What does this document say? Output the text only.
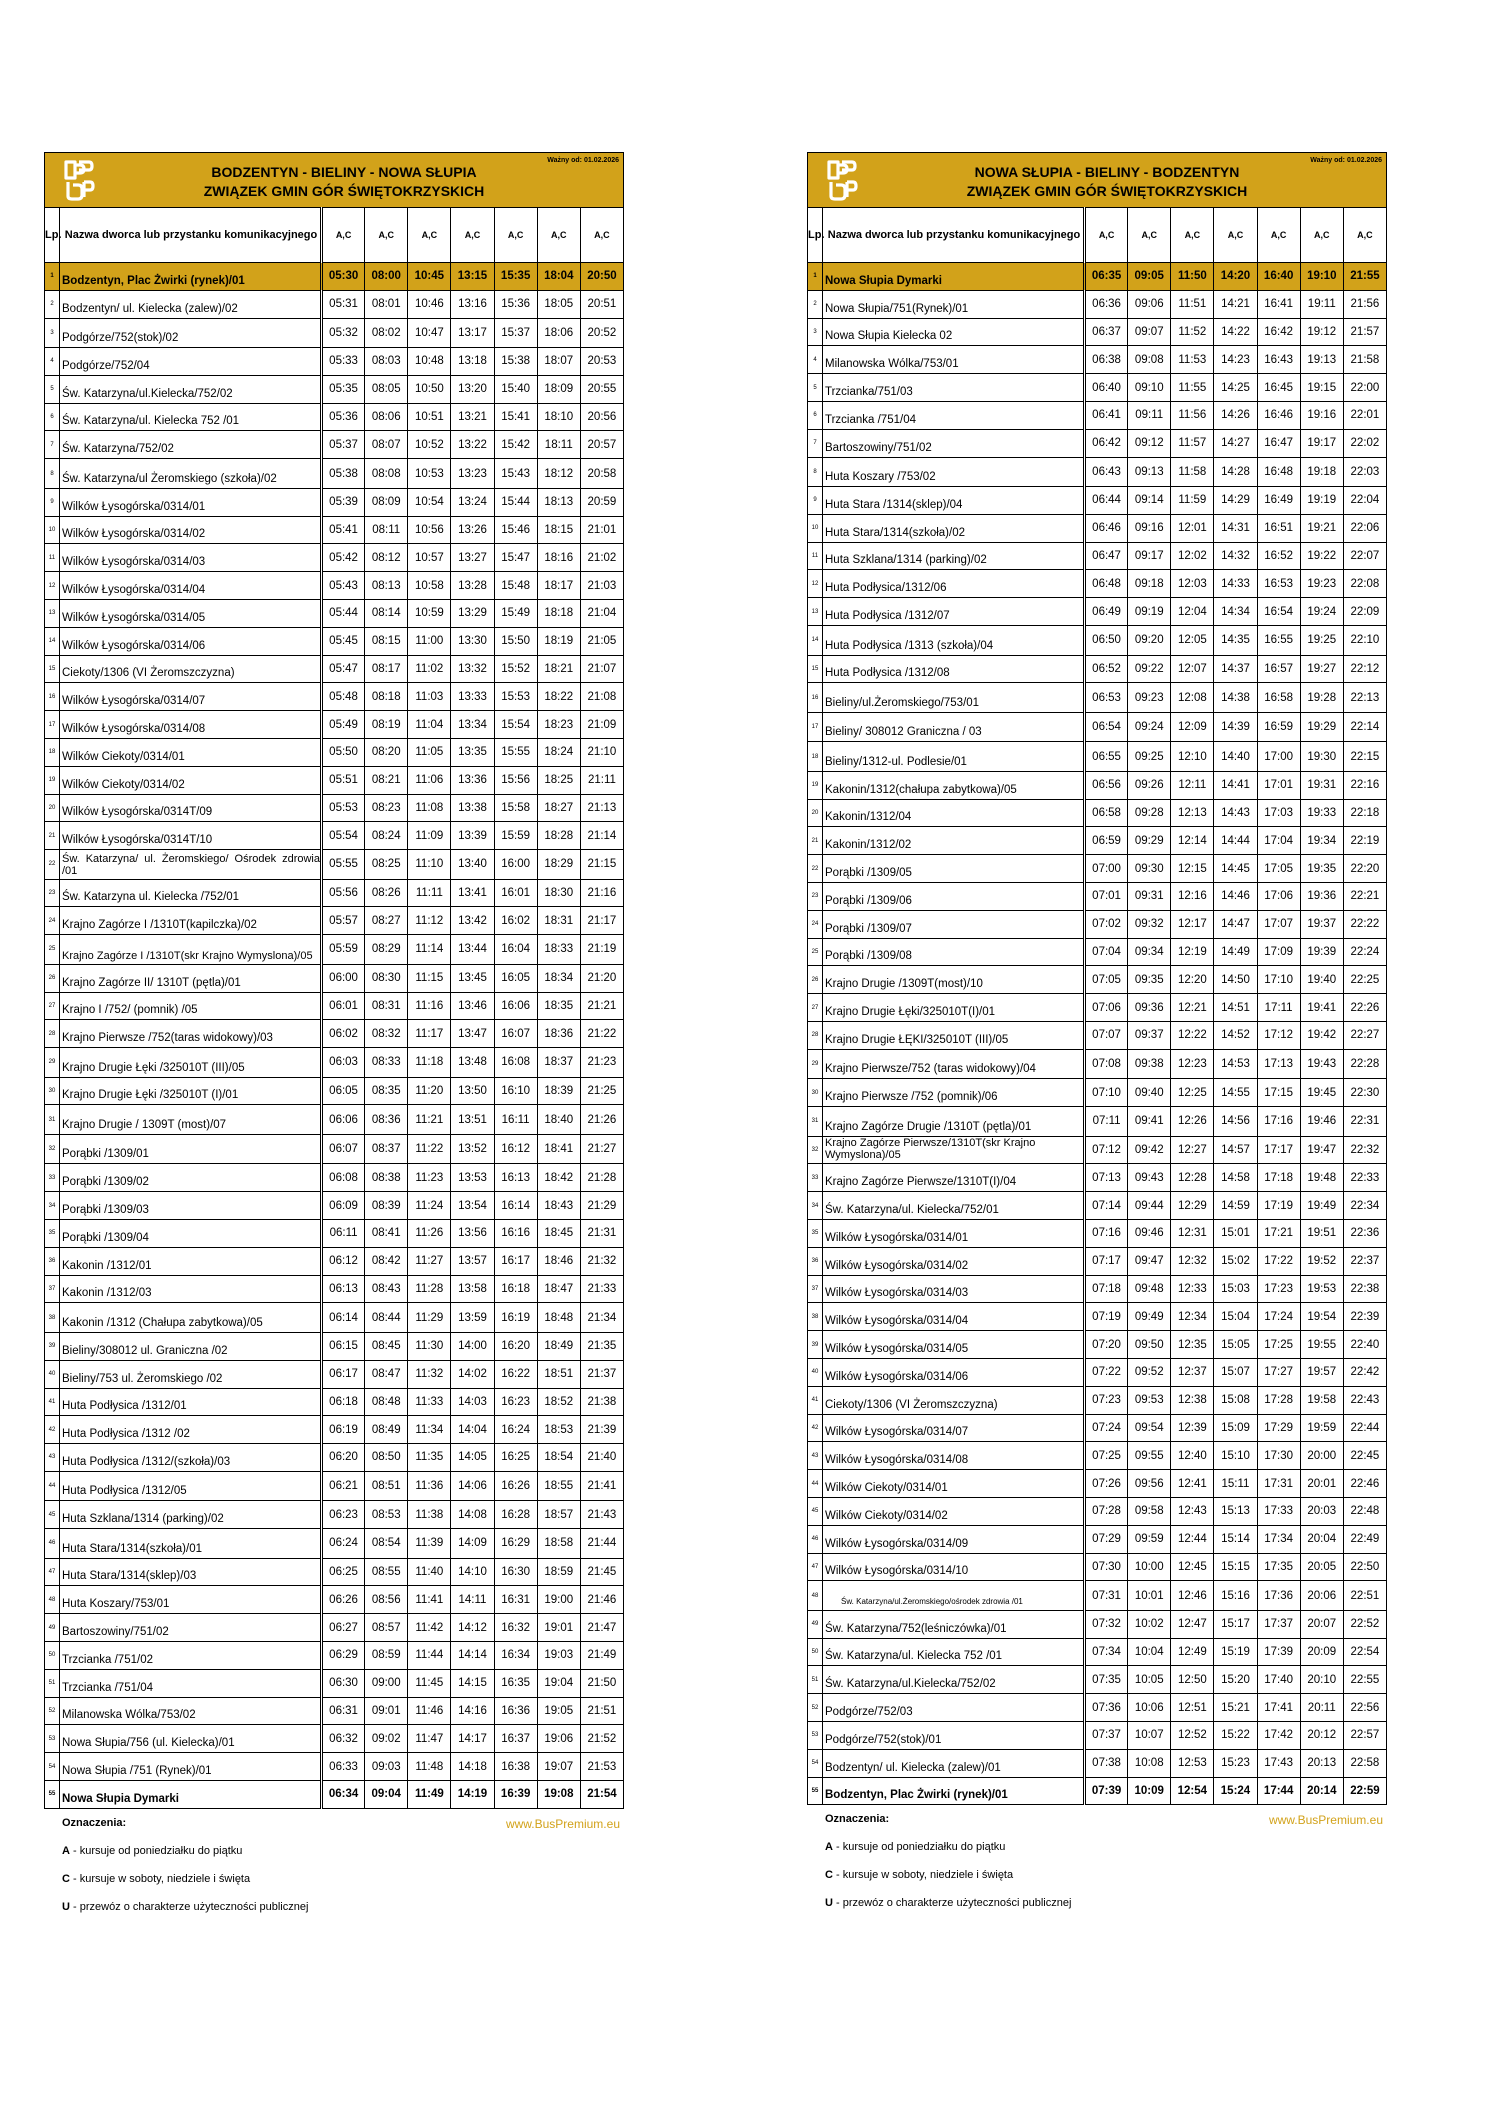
BODZENTYN - BIELINY - NOWA SŁUPIA
ZWIĄZEK GMIN GÓR ŚWIĘTOKRZYSKICH
Ważny od: 01.02.2026
Lp.	Nazwa dworca lub przystanku komunikacyjnego	A,C	A,C	A,C	A,C	A,C	A,C	A,C
1	Bodzentyn, Plac Żwirki (rynek)/01	05:30	08:00	10:45	13:15	15:35	18:04	20:50
2	Bodzentyn/ ul. Kielecka (zalew)/02	05:31	08:01	10:46	13:16	15:36	18:05	20:51
3	Podgórze/752(stok)/02	05:32	08:02	10:47	13:17	15:37	18:06	20:52
4	Podgórze/752/04	05:33	08:03	10:48	13:18	15:38	18:07	20:53
5	Św. Katarzyna/ul.Kielecka/752/02	05:35	08:05	10:50	13:20	15:40	18:09	20:55
6	Św. Katarzyna/ul. Kielecka 752 /01	05:36	08:06	10:51	13:21	15:41	18:10	20:56
7	Św. Katarzyna/752/02	05:37	08:07	10:52	13:22	15:42	18:11	20:57
8	Św. Katarzyna/ul Żeromskiego (szkoła)/02	05:38	08:08	10:53	13:23	15:43	18:12	20:58
9	Wilków Łysogórska/0314/01	05:39	08:09	10:54	13:24	15:44	18:13	20:59
10	Wilków Łysogórska/0314/02	05:41	08:11	10:56	13:26	15:46	18:15	21:01
11	Wilków Łysogórska/0314/03	05:42	08:12	10:57	13:27	15:47	18:16	21:02
12	Wilków Łysogórska/0314/04	05:43	08:13	10:58	13:28	15:48	18:17	21:03
13	Wilków Łysogórska/0314/05	05:44	08:14	10:59	13:29	15:49	18:18	21:04
14	Wilków Łysogórska/0314/06	05:45	08:15	11:00	13:30	15:50	18:19	21:05
15	Ciekoty/1306 (VI Żeromszczyzna)	05:47	08:17	11:02	13:32	15:52	18:21	21:07
16	Wilków Łysogórska/0314/07	05:48	08:18	11:03	13:33	15:53	18:22	21:08
17	Wilków Łysogórska/0314/08	05:49	08:19	11:04	13:34	15:54	18:23	21:09
18	Wilków Ciekoty/0314/01	05:50	08:20	11:05	13:35	15:55	18:24	21:10
19	Wilków Ciekoty/0314/02	05:51	08:21	11:06	13:36	15:56	18:25	21:11
20	Wilków Łysogórska/0314T/09	05:53	08:23	11:08	13:38	15:58	18:27	21:13
21	Wilków Łysogórska/0314T/10	05:54	08:24	11:09	13:39	15:59	18:28	21:14
22	Św. Katarzyna/ ul. Żeromskiego/ Ośrodek zdrowia /01	05:55	08:25	11:10	13:40	16:00	18:29	21:15
23	Św. Katarzyna ul. Kielecka /752/01	05:56	08:26	11:11	13:41	16:01	18:30	21:16
24	Krajno Zagórze I /1310T(kapilczka)/02	05:57	08:27	11:12	13:42	16:02	18:31	21:17
25	Krajno Zagórze I /1310T(skr Krajno Wymyslona)/05	05:59	08:29	11:14	13:44	16:04	18:33	21:19
26	Krajno Zagórze II/ 1310T (pętla)/01	06:00	08:30	11:15	13:45	16:05	18:34	21:20
27	Krajno I /752/ (pomnik) /05	06:01	08:31	11:16	13:46	16:06	18:35	21:21
28	Krajno Pierwsze /752(taras widokowy)/03	06:02	08:32	11:17	13:47	16:07	18:36	21:22
29	Krajno Drugie Łęki /325010T (III)/05	06:03	08:33	11:18	13:48	16:08	18:37	21:23
30	Krajno Drugie Łęki /325010T (I)/01	06:05	08:35	11:20	13:50	16:10	18:39	21:25
31	Krajno Drugie / 1309T (most)/07	06:06	08:36	11:21	13:51	16:11	18:40	21:26
32	Porąbki /1309/01	06:07	08:37	11:22	13:52	16:12	18:41	21:27
33	Porąbki /1309/02	06:08	08:38	11:23	13:53	16:13	18:42	21:28
34	Porąbki /1309/03	06:09	08:39	11:24	13:54	16:14	18:43	21:29
35	Porąbki /1309/04	06:11	08:41	11:26	13:56	16:16	18:45	21:31
36	Kakonin /1312/01	06:12	08:42	11:27	13:57	16:17	18:46	21:32
37	Kakonin /1312/03	06:13	08:43	11:28	13:58	16:18	18:47	21:33
38	Kakonin /1312 (Chałupa zabytkowa)/05	06:14	08:44	11:29	13:59	16:19	18:48	21:34
39	Bieliny/308012 ul. Graniczna /02	06:15	08:45	11:30	14:00	16:20	18:49	21:35
40	Bieliny/753 ul. Żeromskiego /02	06:17	08:47	11:32	14:02	16:22	18:51	21:37
41	Huta Podłysica /1312/01	06:18	08:48	11:33	14:03	16:23	18:52	21:38
42	Huta Podłysica /1312 /02	06:19	08:49	11:34	14:04	16:24	18:53	21:39
43	Huta Podłysica /1312/(szkoła)/03	06:20	08:50	11:35	14:05	16:25	18:54	21:40
44	Huta Podłysica /1312/05	06:21	08:51	11:36	14:06	16:26	18:55	21:41
45	Huta Szklana/1314 (parking)/02	06:23	08:53	11:38	14:08	16:28	18:57	21:43
46	Huta Stara/1314(szkoła)/01	06:24	08:54	11:39	14:09	16:29	18:58	21:44
47	Huta Stara/1314(sklep)/03	06:25	08:55	11:40	14:10	16:30	18:59	21:45
48	Huta Koszary/753/01	06:26	08:56	11:41	14:11	16:31	19:00	21:46
49	Bartoszowiny/751/02	06:27	08:57	11:42	14:12	16:32	19:01	21:47
50	Trzcianka /751/02	06:29	08:59	11:44	14:14	16:34	19:03	21:49
51	Trzcianka /751/04	06:30	09:00	11:45	14:15	16:35	19:04	21:50
52	Milanowska Wólka/753/02	06:31	09:01	11:46	14:16	16:36	19:05	21:51
53	Nowa Słupia/756 (ul. Kielecka)/01	06:32	09:02	11:47	14:17	16:37	19:06	21:52
54	Nowa Słupia /751 (Rynek)/01	06:33	09:03	11:48	14:18	16:38	19:07	21:53
55	Nowa Słupia Dymarki	06:34	09:04	11:49	14:19	16:39	19:08	21:54
Oznaczenia:	www.BusPremium.eu
A - kursuje od poniedziałku do piątku
C - kursuje w soboty, niedziele i święta
U - przewóz o charakterze użyteczności publicznej
NOWA SŁUPIA - BIELINY - BODZENTYN
ZWIĄZEK GMIN GÓR ŚWIĘTOKRZYSKICH
Ważny od: 01.02.2026
Lp.	Nazwa dworca lub przystanku komunikacyjnego	A,C	A,C	A,C	A,C	A,C	A,C	A,C
1	Nowa Słupia Dymarki	06:35	09:05	11:50	14:20	16:40	19:10	21:55
2	Nowa Słupia/751(Rynek)/01	06:36	09:06	11:51	14:21	16:41	19:11	21:56
3	Nowa Słupia Kielecka 02	06:37	09:07	11:52	14:22	16:42	19:12	21:57
4	Milanowska Wólka/753/01	06:38	09:08	11:53	14:23	16:43	19:13	21:58
5	Trzcianka/751/03	06:40	09:10	11:55	14:25	16:45	19:15	22:00
6	Trzcianka /751/04	06:41	09:11	11:56	14:26	16:46	19:16	22:01
7	Bartoszowiny/751/02	06:42	09:12	11:57	14:27	16:47	19:17	22:02
8	Huta Koszary /753/02	06:43	09:13	11:58	14:28	16:48	19:18	22:03
9	Huta Stara /1314(sklep)/04	06:44	09:14	11:59	14:29	16:49	19:19	22:04
10	Huta Stara/1314(szkoła)/02	06:46	09:16	12:01	14:31	16:51	19:21	22:06
11	Huta Szklana/1314 (parking)/02	06:47	09:17	12:02	14:32	16:52	19:22	22:07
12	Huta Podłysica/1312/06	06:48	09:18	12:03	14:33	16:53	19:23	22:08
13	Huta Podłysica /1312/07	06:49	09:19	12:04	14:34	16:54	19:24	22:09
14	Huta Podłysica /1313 (szkoła)/04	06:50	09:20	12:05	14:35	16:55	19:25	22:10
15	Huta Podłysica /1312/08	06:52	09:22	12:07	14:37	16:57	19:27	22:12
16	Bieliny/ul.Żeromskiego/753/01	06:53	09:23	12:08	14:38	16:58	19:28	22:13
17	Bieliny/ 308012 Graniczna / 03	06:54	09:24	12:09	14:39	16:59	19:29	22:14
18	Bieliny/1312-ul. Podlesie/01	06:55	09:25	12:10	14:40	17:00	19:30	22:15
19	Kakonin/1312(chałupa zabytkowa)/05	06:56	09:26	12:11	14:41	17:01	19:31	22:16
20	Kakonin/1312/04	06:58	09:28	12:13	14:43	17:03	19:33	22:18
21	Kakonin/1312/02	06:59	09:29	12:14	14:44	17:04	19:34	22:19
22	Porąbki /1309/05	07:00	09:30	12:15	14:45	17:05	19:35	22:20
23	Porąbki /1309/06	07:01	09:31	12:16	14:46	17:06	19:36	22:21
24	Porąbki /1309/07	07:02	09:32	12:17	14:47	17:07	19:37	22:22
25	Porąbki /1309/08	07:04	09:34	12:19	14:49	17:09	19:39	22:24
26	Krajno Drugie /1309T(most)/10	07:05	09:35	12:20	14:50	17:10	19:40	22:25
27	Krajno Drugie Łęki/325010T(I)/01	07:06	09:36	12:21	14:51	17:11	19:41	22:26
28	Krajno Drugie ŁĘKI/325010T (III)/05	07:07	09:37	12:22	14:52	17:12	19:42	22:27
29	Krajno Pierwsze/752 (taras widokowy)/04	07:08	09:38	12:23	14:53	17:13	19:43	22:28
30	Krajno Pierwsze /752 (pomnik)/06	07:10	09:40	12:25	14:55	17:15	19:45	22:30
31	Krajno Zagórze Drugie /1310T (pętla)/01	07:11	09:41	12:26	14:56	17:16	19:46	22:31
32	Krajno Zagórze Pierwsze/1310T(skr Krajno Wymyslona)/05	07:12	09:42	12:27	14:57	17:17	19:47	22:32
33	Krajno Zagórze Pierwsze/1310T(I)/04	07:13	09:43	12:28	14:58	17:18	19:48	22:33
34	Św. Katarzyna/ul. Kielecka/752/01	07:14	09:44	12:29	14:59	17:19	19:49	22:34
35	Wilków Łysogórska/0314/01	07:16	09:46	12:31	15:01	17:21	19:51	22:36
36	Wilków Łysogórska/0314/02	07:17	09:47	12:32	15:02	17:22	19:52	22:37
37	Wilków Łysogórska/0314/03	07:18	09:48	12:33	15:03	17:23	19:53	22:38
38	Wilków Łysogórska/0314/04	07:19	09:49	12:34	15:04	17:24	19:54	22:39
39	Wilków Łysogórska/0314/05	07:20	09:50	12:35	15:05	17:25	19:55	22:40
40	Wilków Łysogórska/0314/06	07:22	09:52	12:37	15:07	17:27	19:57	22:42
41	Ciekoty/1306 (VI Żeromszczyzna)	07:23	09:53	12:38	15:08	17:28	19:58	22:43
42	Wilków Łysogórska/0314/07	07:24	09:54	12:39	15:09	17:29	19:59	22:44
43	Wilków Łysogórska/0314/08	07:25	09:55	12:40	15:10	17:30	20:00	22:45
44	Wilków Ciekoty/0314/01	07:26	09:56	12:41	15:11	17:31	20:01	22:46
45	Wilków Ciekoty/0314/02	07:28	09:58	12:43	15:13	17:33	20:03	22:48
46	Wilków Łysogórska/0314/09	07:29	09:59	12:44	15:14	17:34	20:04	22:49
47	Wilków Łysogórska/0314/10	07:30	10:00	12:45	15:15	17:35	20:05	22:50
48	Św. Katarzyna/ul.Żeromskiego/ośrodek zdrowia /01	07:31	10:01	12:46	15:16	17:36	20:06	22:51
49	Św. Katarzyna/752(leśniczówka)/01	07:32	10:02	12:47	15:17	17:37	20:07	22:52
50	Św. Katarzyna/ul. Kielecka 752 /01	07:34	10:04	12:49	15:19	17:39	20:09	22:54
51	Św. Katarzyna/ul.Kielecka/752/02	07:35	10:05	12:50	15:20	17:40	20:10	22:55
52	Podgórze/752/03	07:36	10:06	12:51	15:21	17:41	20:11	22:56
53	Podgórze/752(stok)/01	07:37	10:07	12:52	15:22	17:42	20:12	22:57
54	Bodzentyn/ ul. Kielecka (zalew)/01	07:38	10:08	12:53	15:23	17:43	20:13	22:58
55	Bodzentyn, Plac Żwirki (rynek)/01	07:39	10:09	12:54	15:24	17:44	20:14	22:59
Oznaczenia:	www.BusPremium.eu
A - kursuje od poniedziałku do piątku
C - kursuje w soboty, niedziele i święta
U - przewóz o charakterze użyteczności publicznej
